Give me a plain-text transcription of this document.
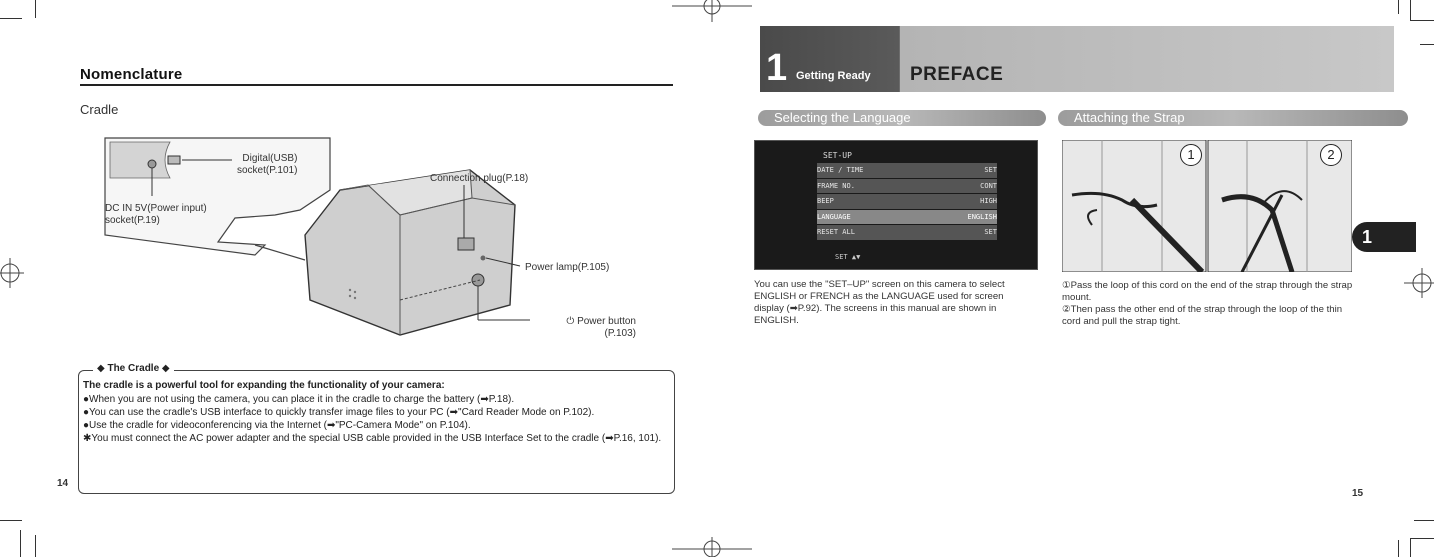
Nomenclature
Cradle
Digital(USB)
socket(P.101)
DC IN 5V(Power input)
socket(P.19)
Connection plug(P.18)
Power lamp(P.105)
⏻ Power button
(P.103)
◆ The Cradle ◆
The cradle is a powerful tool for expanding the functionality of your camera:
●When you are not using the camera, you can place it in the cradle to charge the battery (➡P.18).
●You can use the cradle's USB interface to quickly transfer image files to your PC (➡"Card Reader Mode on P.102).
●Use the cradle for videoconferencing via the Internet (➡"PC-Camera Mode" on P.104).
✱You must connect the AC power adapter and the special USB cable provided in the USB Interface Set to the cradle (➡P.16, 101).
14
1 Getting Ready PREFACE
Selecting the Language
SET-UP
DATE / TIME	SET
FRAME NO.	CONT
BEEP	HIGH
LANGUAGE	ENGLISH
RESET ALL	SET
SET ▲▼
You can use the "SET–UP" screen on this camera to select ENGLISH or FRENCH as the LANGUAGE used for screen display (➡P.92). The screens in this manual are shown in ENGLISH.
Attaching the Strap
1	2
①Pass the loop of this cord on the end of the strap through the strap mount.
②Then pass the other end of the strap through the loop of the thin cord and pull the strap tight.
1
15
